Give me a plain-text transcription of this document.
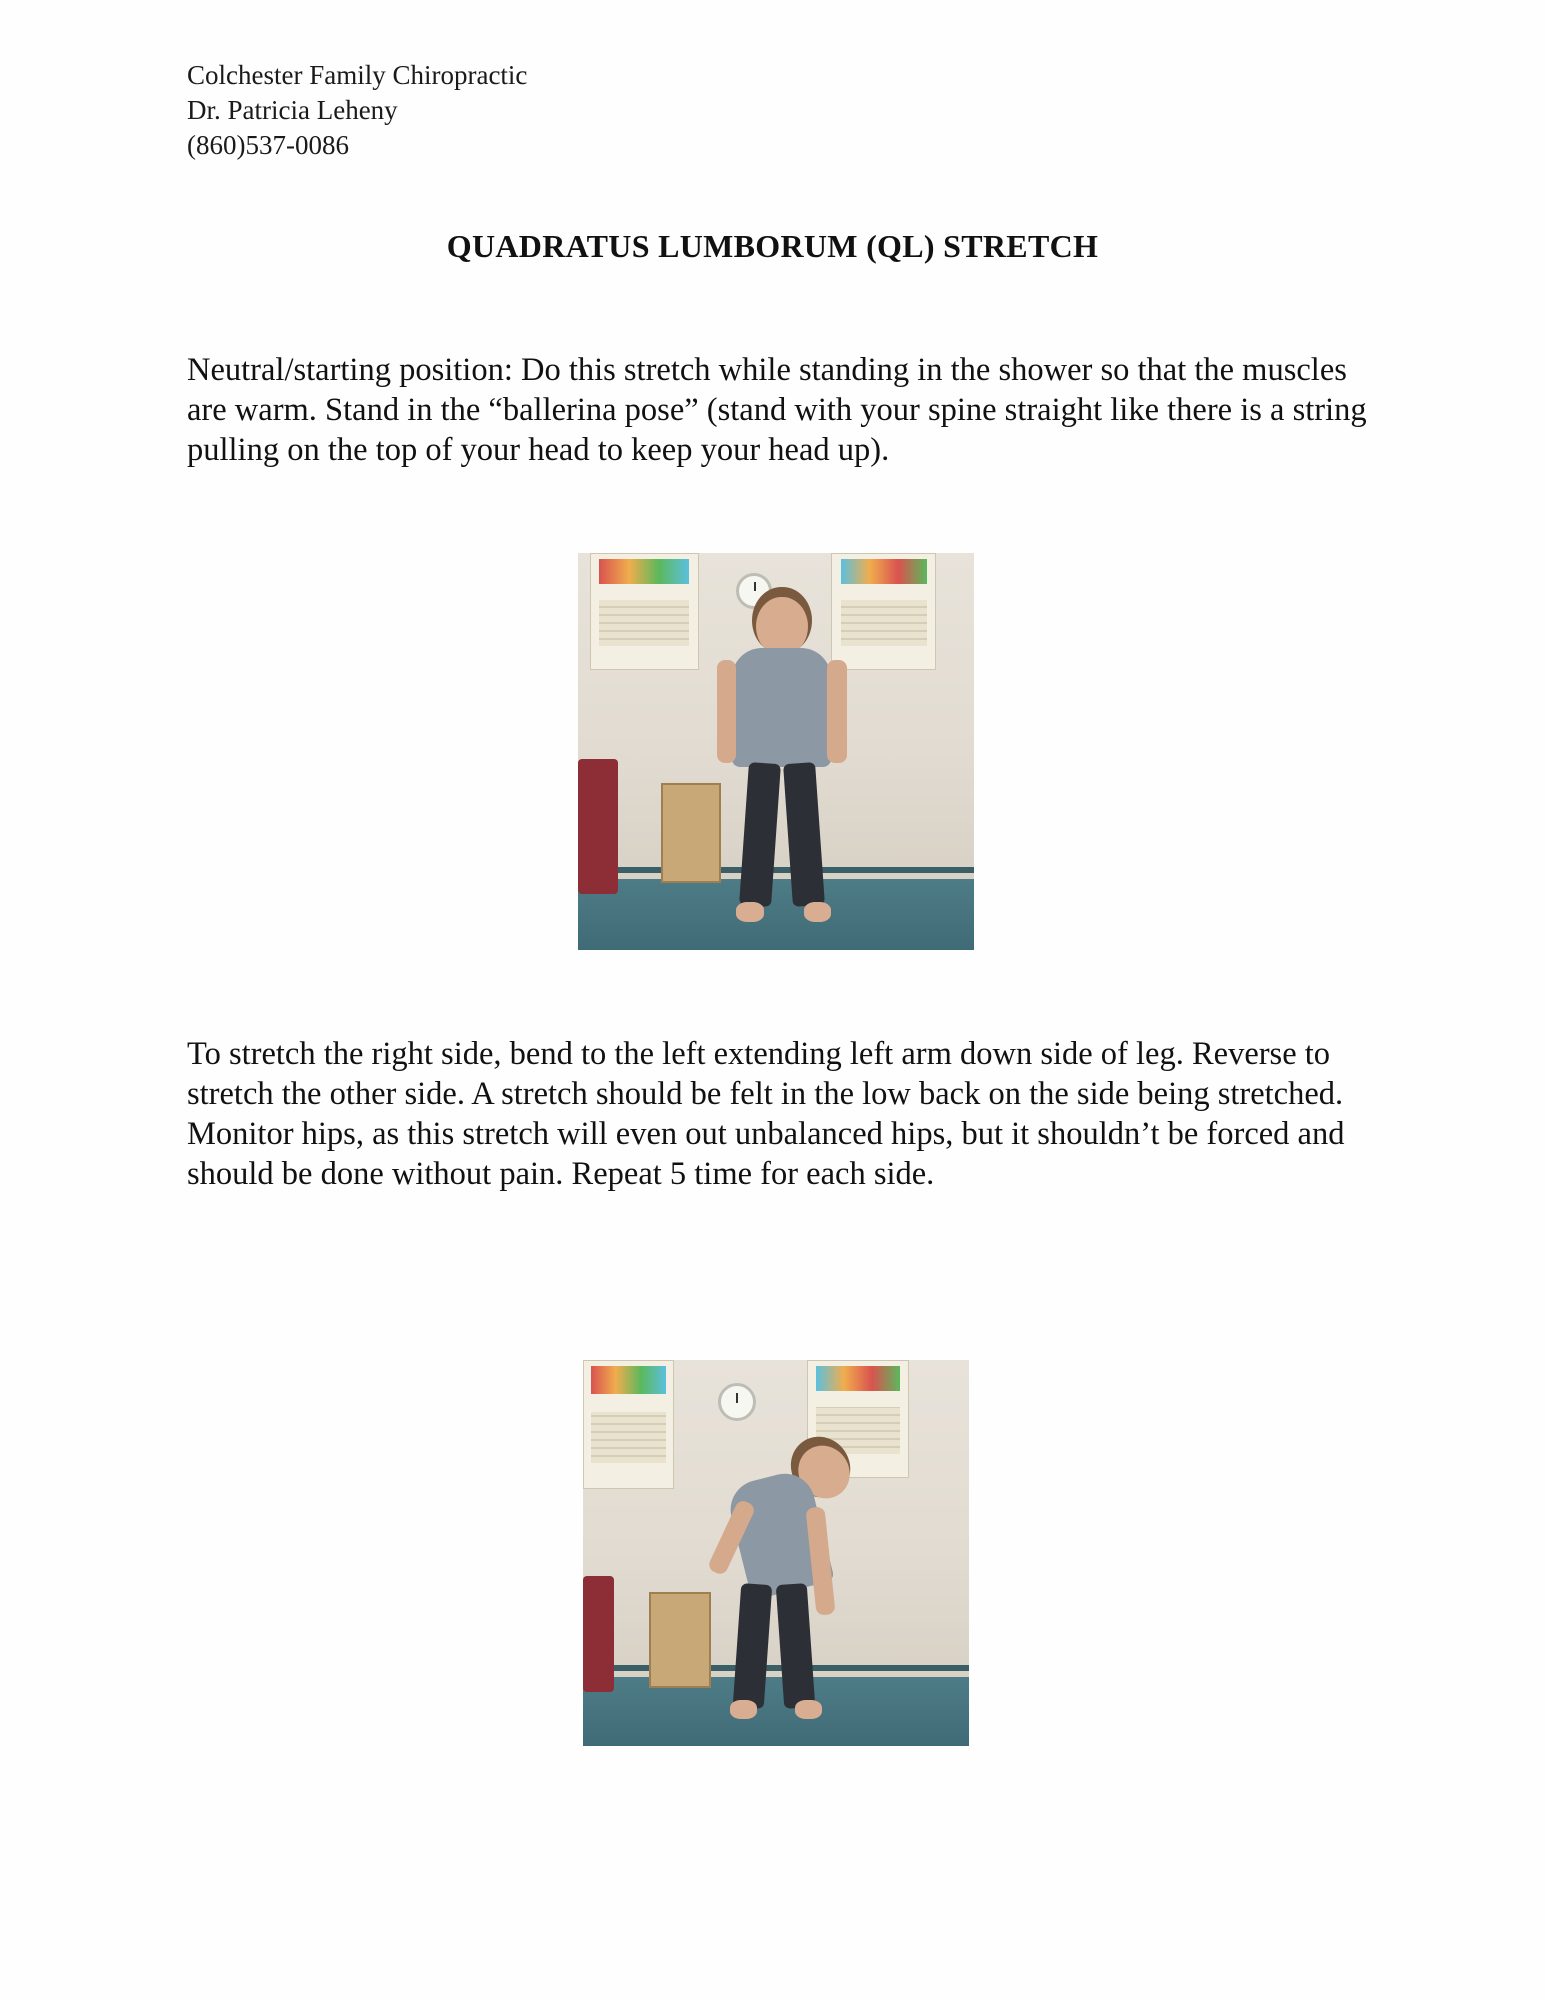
Colchester Family Chiropractic
Dr. Patricia Leheny
(860)537-0086
QUADRATUS LUMBORUM (QL) STRETCH
Neutral/starting position: Do this stretch while standing in the shower so that the muscles are warm. Stand in the “ballerina pose” (stand with your spine straight like there is a string pulling on the top of your head to keep your head up).
To stretch the right side, bend to the left extending left arm down side of leg. Reverse to stretch the other side. A stretch should be felt in the low back on the side being stretched. Monitor hips, as this stretch will even out unbalanced hips, but it shouldn’t be forced and should be done without pain. Repeat 5 time for each side.
